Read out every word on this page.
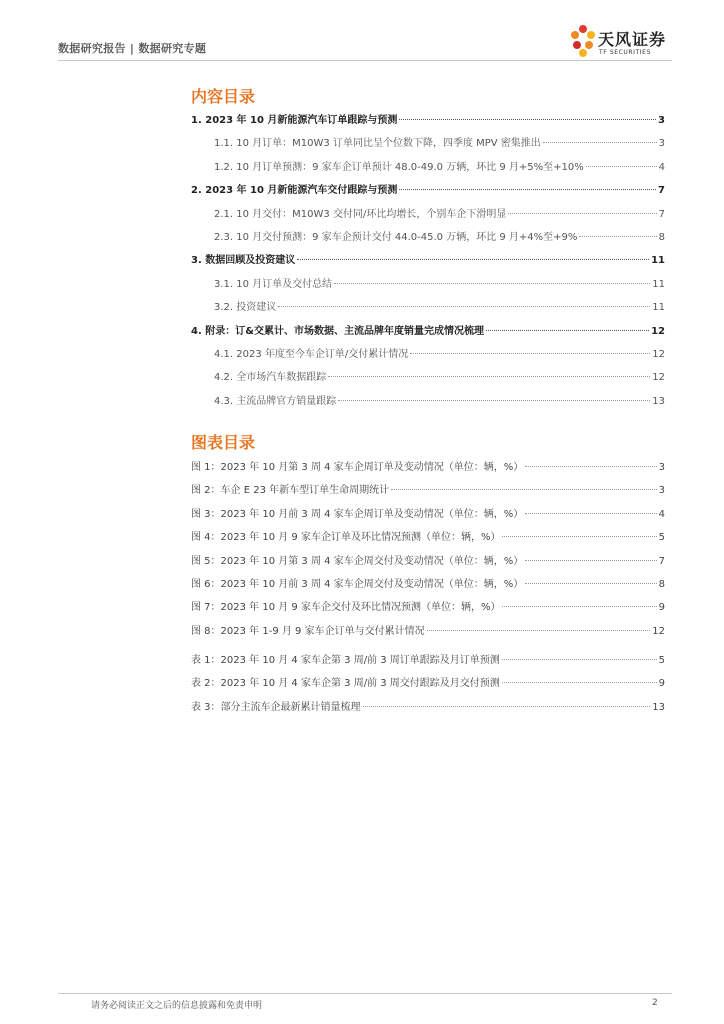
数据研究报告 | 数据研究专题	天风证券
TF SECURITIES
内容目录
1. 2023 年 10 月新能源汽车订单跟踪与预测	3
1.1. 10 月订单：M10W3 订单同比呈个位数下降，四季度 MPV 密集推出	3
1.2. 10 月订单预测：9 家车企订单预计 48.0-49.0 万辆，环比 9 月+5%至+10%	4
2. 2023 年 10 月新能源汽车交付跟踪与预测	7
2.1. 10 月交付：M10W3 交付同/环比均增长，个别车企下滑明显	7
2.3. 10 月交付预测：9 家车企预计交付 44.0-45.0 万辆，环比 9 月+4%至+9%	8
3. 数据回顾及投资建议	11
3.1. 10 月订单及交付总结	11
3.2. 投资建议	11
4. 附录：订&交累计、市场数据、主流品牌年度销量完成情况梳理	12
4.1. 2023 年度至今车企订单/交付累计情况	12
4.2. 全市场汽车数据跟踪	12
4.3. 主流品牌官方销量跟踪	13
图表目录
图 1：2023 年 10 月第 3 周 4 家车企周订单及变动情况（单位：辆，%）	3
图 2：车企 E 23 年新车型订单生命周期统计	3
图 3：2023 年 10 月前 3 周 4 家车企周订单及变动情况（单位：辆，%）	4
图 4：2023 年 10 月 9 家车企订单及环比情况预测（单位：辆，%）	5
图 5：2023 年 10 月第 3 周 4 家车企周交付及变动情况（单位：辆，%）	7
图 6：2023 年 10 月前 3 周 4 家车企周交付及变动情况（单位：辆，%）	8
图 7：2023 年 10 月 9 家车企交付及环比情况预测（单位：辆，%）	9
图 8：2023 年 1-9 月 9 家车企订单与交付累计情况	12
表 1：2023 年 10 月 4 家车企第 3 周/前 3 周订单跟踪及月订单预测	5
表 2：2023 年 10 月 4 家车企第 3 周/前 3 周交付跟踪及月交付预测	9
表 3：部分主流车企最新累计销量梳理	13
请务必阅读正文之后的信息披露和免责申明	2
